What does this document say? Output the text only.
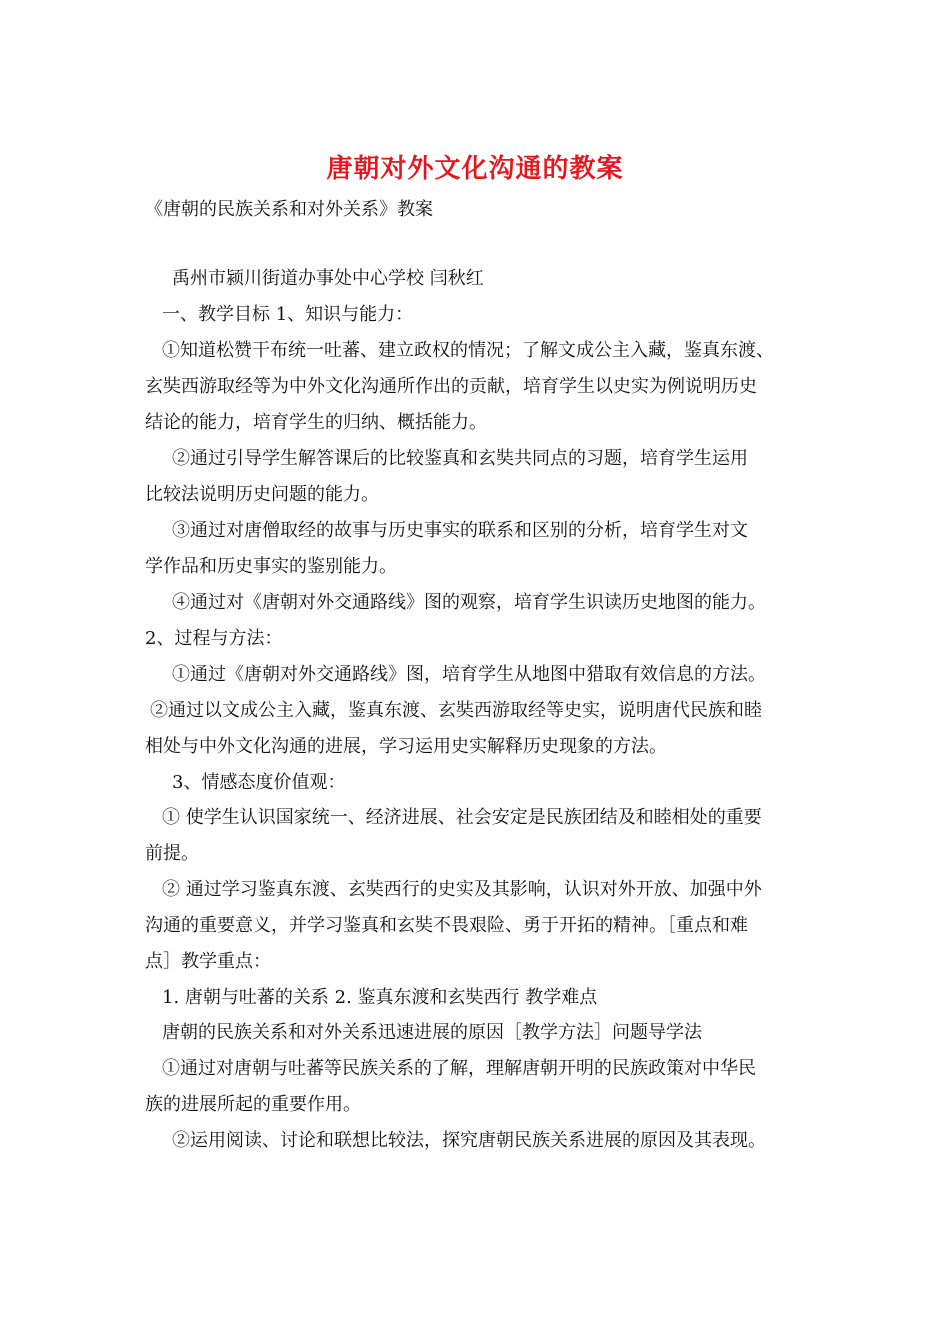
唐朝对外文化沟通的教案
《唐朝的民族关系和对外关系》教案
禹州市颍川街道办事处中心学校 闫秋红
一、教学目标 1、知识与能力：
①知道松赞干布统一吐蕃、建立政权的情况；了解文成公主入藏，鉴真东渡、
玄奘西游取经等为中外文化沟通所作出的贡献，培育学生以史实为例说明历史
结论的能力，培育学生的归纳、概括能力。
②通过引导学生解答课后的比较鉴真和玄奘共同点的习题，培育学生运用
比较法说明历史问题的能力。
③通过对唐僧取经的故事与历史事实的联系和区别的分析，培育学生对文
学作品和历史事实的鉴别能力。
④通过对《唐朝对外交通路线》图的观察，培育学生识读历史地图的能力。
2、过程与方法：
①通过《唐朝对外交通路线》图，培育学生从地图中猎取有效信息的方法。
②通过以文成公主入藏，鉴真东渡、玄奘西游取经等史实，说明唐代民族和睦
相处与中外文化沟通的进展，学习运用史实解释历史现象的方法。
3、情感态度价值观：
① 使学生认识国家统一、经济进展、社会安定是民族团结及和睦相处的重要
前提。
② 通过学习鉴真东渡、玄奘西行的史实及其影响，认识对外开放、加强中外
沟通的重要意义，并学习鉴真和玄奘不畏艰险、勇于开拓的精神。［重点和难
点］教学重点：
1. 唐朝与吐蕃的关系 2. 鉴真东渡和玄奘西行 教学难点
唐朝的民族关系和对外关系迅速进展的原因［教学方法］问题导学法
①通过对唐朝与吐蕃等民族关系的了解，理解唐朝开明的民族政策对中华民
族的进展所起的重要作用。
②运用阅读、讨论和联想比较法，探究唐朝民族关系进展的原因及其表现。
